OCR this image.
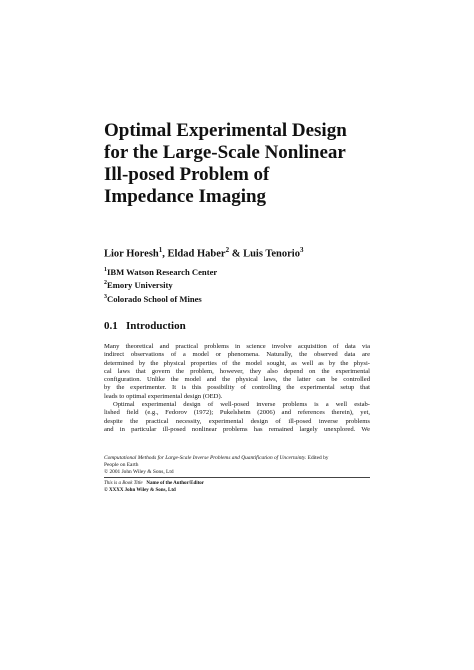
Optimal Experimental Design
for the Large-Scale Nonlinear
Ill-posed Problem of
Impedance Imaging
Lior Horesh$^1$, Eldad Haber$^2$ & Luis Tenorio$^3$
$^1$IBM Watson Research Center
$^2$Emory University
$^3$Colorado School of Mines
0.1 Introduction
Many theoretical and practical problems in science involve acquisition of data via
indirect observations of a model or phenomena. Naturally, the observed data are
determined by the physical properties of the model sought, as well as by the physi-
cal laws that govern the problem, however, they also depend on the experimental
configuration. Unlike the model and the physical laws, the latter can be controlled
by the experimenter. It is this possibility of controlling the experimental setup that
leads to optimal experimental design (OED).
Optimal experimental design of well-posed inverse problems is a well estab-
lished field (e.g., Fedorov (1972); Pukelsheim (2006) and references therein), yet,
despite the practical necessity, experimental design of ill-posed inverse problems
and in particular ill-posed nonlinear problems has remained largely unexplored. We
Computational Methods for Large-Scale Inverse Problems and Quantification of Uncertainty. Edited by
People on Earth
© 2001 John Wiley & Sons, Ltd
This is a Book Title Name of the Author/Editor
© XXXX John Wiley & Sons, Ltd
